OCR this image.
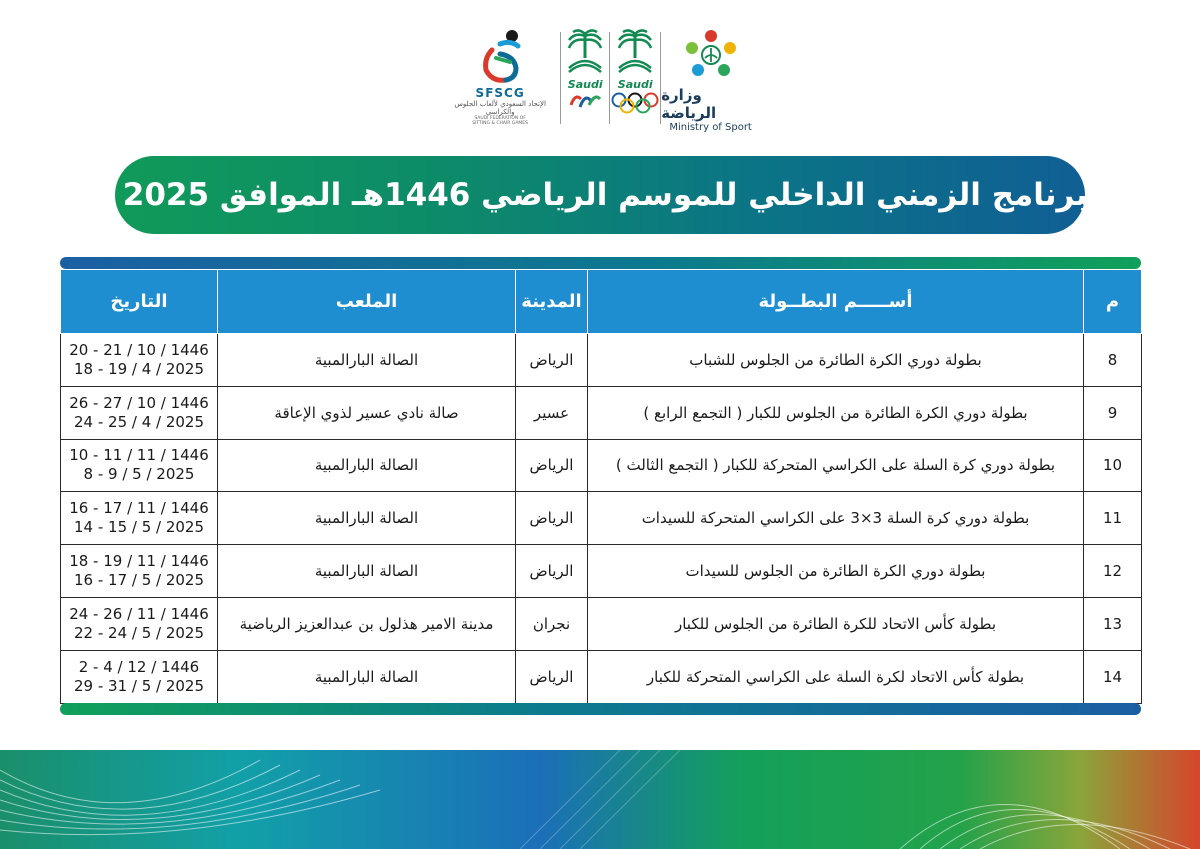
SFSCG
الإتحاد السعودي لألعاب الجلوس والكراسي
SAUDI FEDERATION OF SITTING & CHAIR GAMES
Saudi Saudi
وزارة الرياضة
Ministry of Sport
البرنامج الزمني الداخلي للموسم الرياضي 1446هـ الموافق 2025 م
م	أســـــم البطــولة	المدينة	الملعب	التاريخ
8	بطولة دوري الكرة الطائرة من الجلوس للشباب	الرياض	الصالة البارالمبية	20 - 21 / 10 / 1446
18 - 19 / 4 / 2025

9	بطولة دوري الكرة الطائرة من الجلوس للكبار ( التجمع الرابع )	عسير	صالة نادي عسير لذوي الإعاقة	26 - 27 / 10 / 1446
24 - 25 / 4 / 2025

10	بطولة دوري كرة السلة على الكراسي المتحركة للكبار ( التجمع الثالث )	الرياض	الصالة البارالمبية	10 - 11 / 11 / 1446
8 - 9 / 5 / 2025

11	بطولة دوري كرة السلة 3×3 على الكراسي المتحركة للسيدات	الرياض	الصالة البارالمبية	16 - 17 / 11 / 1446
14 - 15 / 5 / 2025

12	بطولة دوري الكرة الطائرة من الجلوس للسيدات	الرياض	الصالة البارالمبية	18 - 19 / 11 / 1446
16 - 17 / 5 / 2025

13	بطولة كأس الاتحاد للكرة الطائرة من الجلوس للكبار	نجران	مدينة الامير هذلول بن عبدالعزيز الرياضية	24 - 26 / 11 / 1446
22 - 24 / 5 / 2025

14	بطولة كأس الاتحاد لكرة السلة على الكراسي المتحركة للكبار	الرياض	الصالة البارالمبية	2 - 4 / 12 / 1446
29 - 31 / 5 / 2025
